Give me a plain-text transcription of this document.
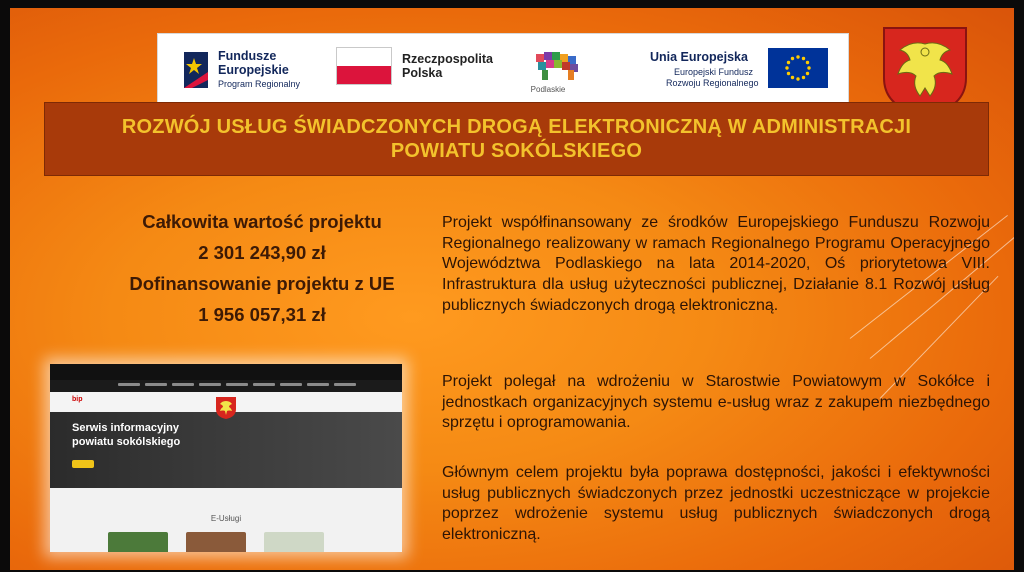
Fundusze
Europejskie
Program Regionalny
Rzeczpospolita
Polska
Podlaskie
Unia Europejska
Europejski Fundusz
Rozwoju Regionalnego
ROZWÓJ USŁUG ŚWIADCZONYCH DROGĄ ELEKTRONICZNĄ W ADMINISTRACJI
POWIATU SOKÓLSKIEGO
Całkowita wartość projektu
2 301 243,90 zł
Dofinansowanie projektu z UE
1 956 057,31 zł
Projekt współfinansowany ze środków Europejskiego Funduszu Rozwoju Regionalnego realizowany w ramach Regionalnego Programu Operacyjnego Województwa Podlaskiego na lata 2014-2020, Oś priorytetowa VIII. Infrastruktura dla usług użyteczności publicznej, Działanie 8.1 Rozwój usług publicznych świadczonych drogą elektroniczną.
Projekt polegał na wdrożeniu w Starostwie Powiatowym w Sokółce i jednostkach organizacyjnych systemu e-usług wraz z zakupem niezbędnego sprzętu i oprogramowania.
Głównym celem projektu była poprawa dostępności, jakości i efektywności usług publicznych świadczonych przez jednostki uczestniczące w projekcie poprzez wdrożenie systemu usług publicznych świadczonych drogą elektroniczną.
bip
Serwis informacyjny
powiatu sokólskiego
E-Usługi
